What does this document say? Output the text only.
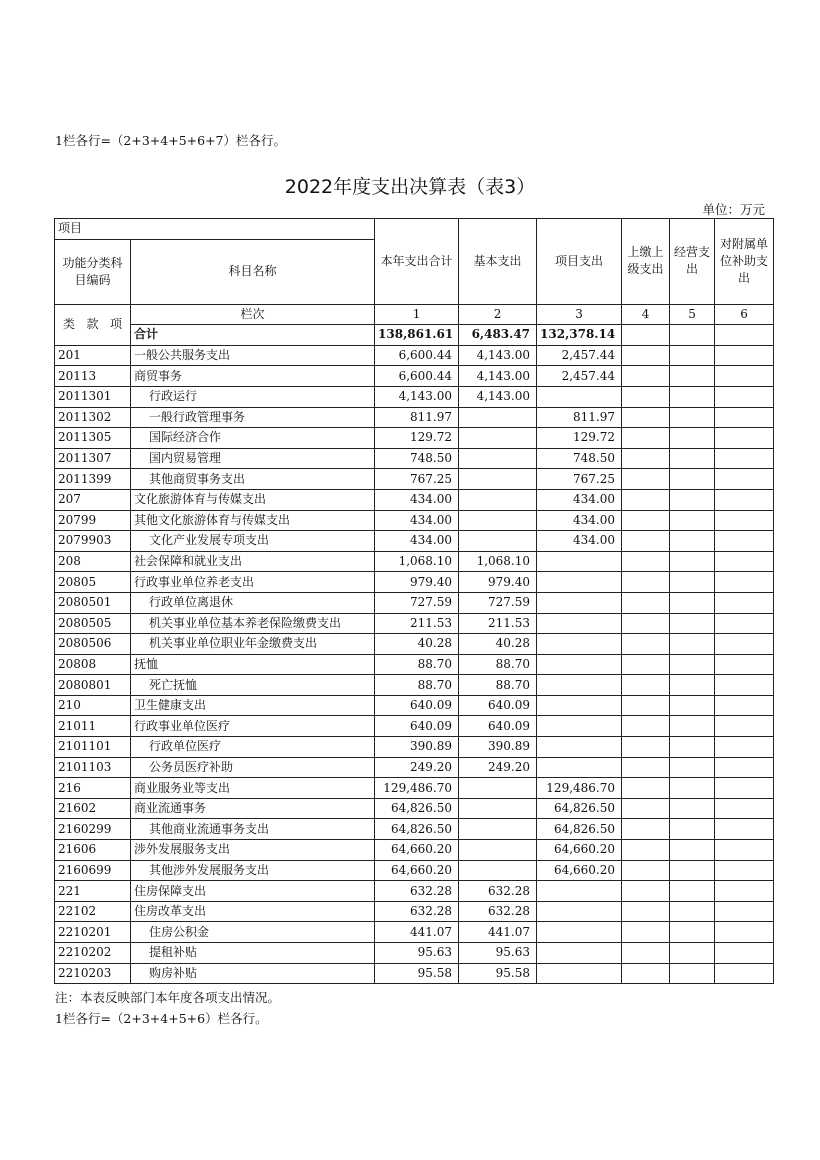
1栏各行=（2+3+4+5+6+7）栏各行。
2022年度支出决算表（表3）
单位：万元
项目		本年支出合计	基本支出	项目支出	上缴上级支出	经营支出	对附属单位补助支出
功能分类科目编码	科目名称						

类 款 项	栏次	1	2	3	4	5	6
	合计	138,861.61	6,483.47	132,378.14			
201	一般公共服务支出	6,600.44	4,143.00	2,457.44			
20113	商贸事务	6,600.44	4,143.00	2,457.44			
2011301	行政运行	4,143.00	4,143.00				
2011302	一般行政管理事务	811.97		811.97			
2011305	国际经济合作	129.72		129.72			
2011307	国内贸易管理	748.50		748.50			
2011399	其他商贸事务支出	767.25		767.25			
207	文化旅游体育与传媒支出	434.00		434.00			
20799	其他文化旅游体育与传媒支出	434.00		434.00			
2079903	文化产业发展专项支出	434.00		434.00			
208	社会保障和就业支出	1,068.10	1,068.10				
20805	行政事业单位养老支出	979.40	979.40				
2080501	行政单位离退休	727.59	727.59				
2080505	机关事业单位基本养老保险缴费支出	211.53	211.53				
2080506	机关事业单位职业年金缴费支出	40.28	40.28				
20808	抚恤	88.70	88.70				
2080801	死亡抚恤	88.70	88.70				
210	卫生健康支出	640.09	640.09				
21011	行政事业单位医疗	640.09	640.09				
2101101	行政单位医疗	390.89	390.89				
2101103	公务员医疗补助	249.20	249.20				
216	商业服务业等支出	129,486.70		129,486.70			
21602	商业流通事务	64,826.50		64,826.50			
2160299	其他商业流通事务支出	64,826.50		64,826.50			
21606	涉外发展服务支出	64,660.20		64,660.20			
2160699	其他涉外发展服务支出	64,660.20		64,660.20			
221	住房保障支出	632.28	632.28				
22102	住房改革支出	632.28	632.28				
2210201	住房公积金	441.07	441.07				
2210202	提租补贴	95.63	95.63				
2210203	购房补贴	95.58	95.58				
注：本表反映部门本年度各项支出情况。
1栏各行=（2+3+4+5+6）栏各行。
